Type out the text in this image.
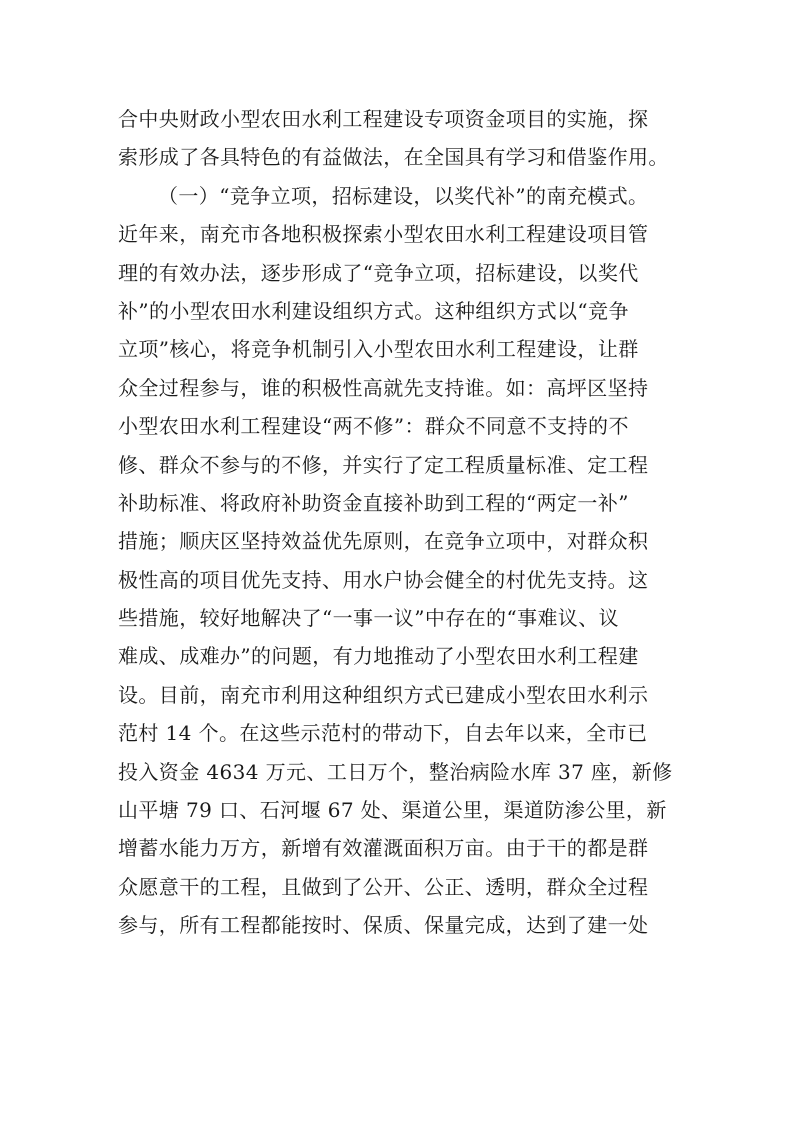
合中央财政小型农田水利工程建设专项资金项目的实施，探
索形成了各具特色的有益做法，在全国具有学习和借鉴作用。
（一）“竞争立项，招标建设，以奖代补”的南充模式。
近年来，南充市各地积极探索小型农田水利工程建设项目管
理的有效办法，逐步形成了“竞争立项，招标建设，以奖代
补”的小型农田水利建设组织方式。这种组织方式以“竞争
立项”核心，将竞争机制引入小型农田水利工程建设，让群
众全过程参与，谁的积极性高就先支持谁。如：高坪区坚持
小型农田水利工程建设“两不修”：群众不同意不支持的不
修、群众不参与的不修，并实行了定工程质量标准、定工程
补助标准、将政府补助资金直接补助到工程的“两定一补”
措施；顺庆区坚持效益优先原则，在竞争立项中，对群众积
极性高的项目优先支持、用水户协会健全的村优先支持。这
些措施，较好地解决了“一事一议”中存在的“事难议、议
难成、成难办”的问题，有力地推动了小型农田水利工程建
设。目前，南充市利用这种组织方式已建成小型农田水利示
范村 14 个。在这些示范村的带动下，自去年以来，全市已
投入资金 4634 万元、工日万个，整治病险水库 37 座，新修
山平塘 79 口、石河堰 67 处、渠道公里，渠道防渗公里，新
增蓄水能力万方，新增有效灌溉面积万亩。由于干的都是群
众愿意干的工程，且做到了公开、公正、透明，群众全过程
参与，所有工程都能按时、保质、保量完成，达到了建一处
